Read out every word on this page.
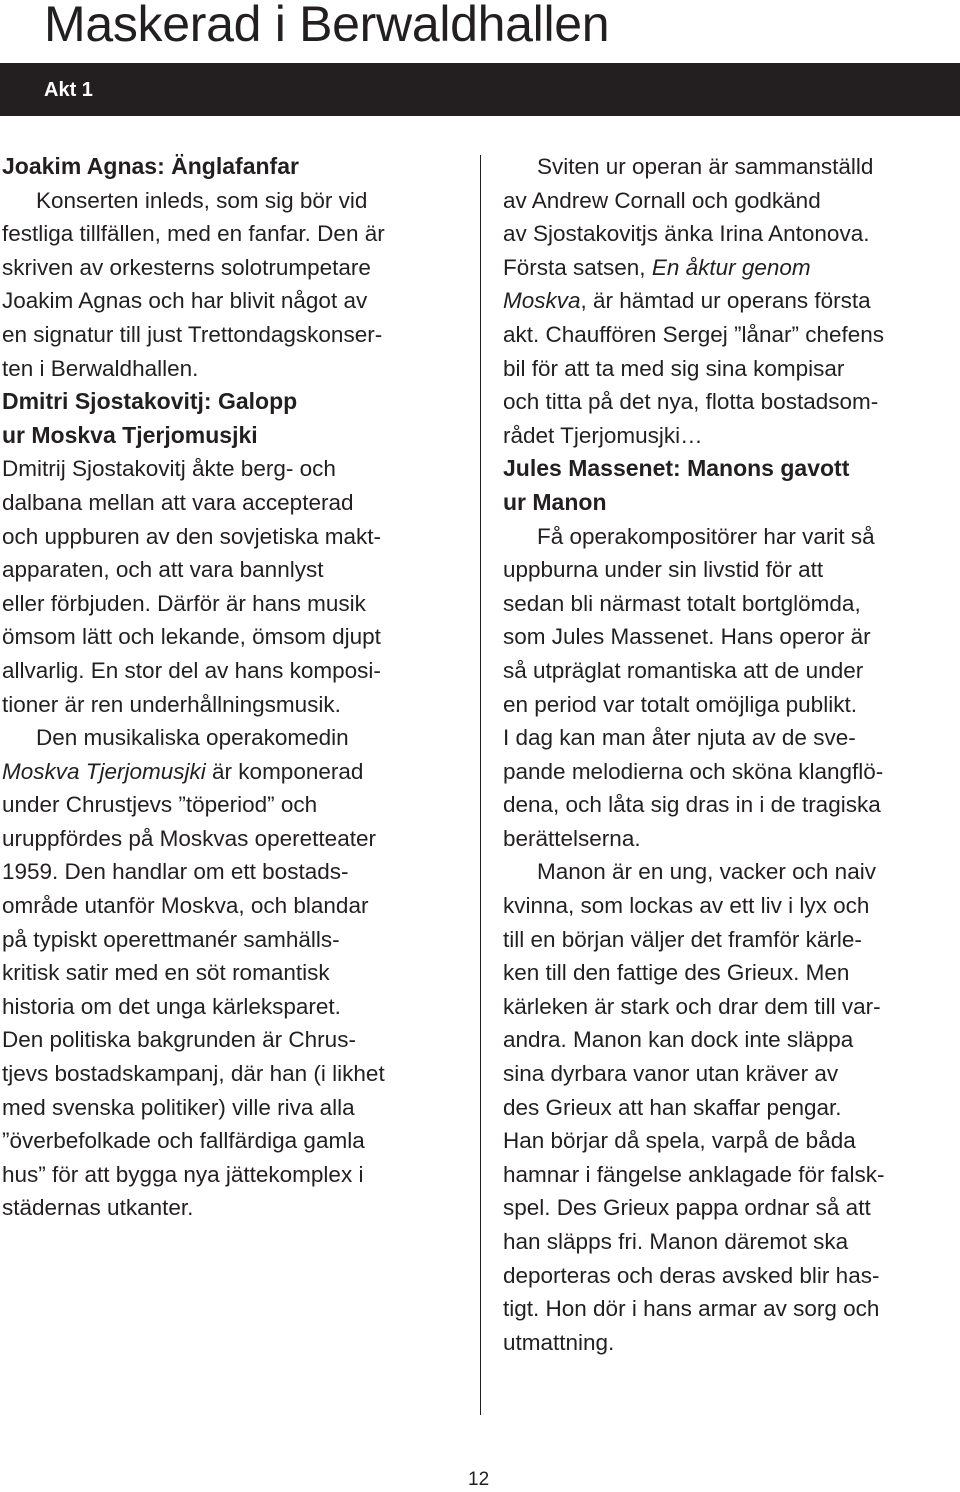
Maskerad i Berwaldhallen
Akt 1
Joakim Agnas: Änglafanfar

Konserten inleds, som sig bör vid
festliga tillfällen, med en fanfar. Den är
skriven av orkesterns solotrumpetare
Joakim Agnas och har blivit något av
en signatur till just Trettondagskonser-
ten i Berwaldhallen.

Dmitri Sjostakovitj: Galopp
ur Moskva Tjerjomusjki

Dmitrij Sjostakovitj åkte berg- och
dalbana mellan att vara accepterad
och uppburen av den sovjetiska makt-
apparaten, och att vara bannlyst
eller förbjuden. Därför är hans musik
ömsom lätt och lekande, ömsom djupt
allvarlig. En stor del av hans komposi-
tioner är ren underhållningsmusik.

Den musikaliska operakomedin
Moskva Tjerjomusjki är komponerad
under Chrustjevs ”töperiod” och
uruppfördes på Moskvas operetteater
1959. Den handlar om ett bostads-
område utanför Moskva, och blandar
på typiskt operettmanér samhälls-
kritisk satir med en söt romantisk
historia om det unga kärleksparet.
Den politiska bakgrunden är Chrus-
tjevs bostadskampanj, där han (i likhet
med svenska politiker) ville riva alla
”överbefolkade och fallfärdiga gamla
hus” för att bygga nya jättekomplex i
städernas utkanter.

Sviten ur operan är sammanställd
av Andrew Cornall och godkänd
av Sjostakovitjs änka Irina Antonova.
Första satsen, En åktur genom
Moskva, är hämtad ur operans första
akt. Chauffören Sergej ”lånar” chefens
bil för att ta med sig sina kompisar
och titta på det nya, flotta bostadsom-
rådet Tjerjomusjki…

Jules Massenet: Manons gavott
ur Manon

Få operakompositörer har varit så
uppburna under sin livstid för att
sedan bli närmast totalt bortglömda,
som Jules Massenet. Hans operor är
så utpräglat romantiska att de under
en period var totalt omöjliga publikt.
I dag kan man åter njuta av de sve-
pande melodierna och sköna klangflö-
dena, och låta sig dras in i de tragiska
berättelserna.

Manon är en ung, vacker och naiv
kvinna, som lockas av ett liv i lyx och
till en början väljer det framför kärle-
ken till den fattige des Grieux. Men
kärleken är stark och drar dem till var-
andra. Manon kan dock inte släppa
sina dyrbara vanor utan kräver av
des Grieux att han skaffar pengar.
Han börjar då spela, varpå de båda
hamnar i fängelse anklagade för falsk-
spel. Des Grieux pappa ordnar så att
han släpps fri. Manon däremot ska
deporteras och deras avsked blir has-
tigt. Hon dör i hans armar av sorg och
utmattning.

12
